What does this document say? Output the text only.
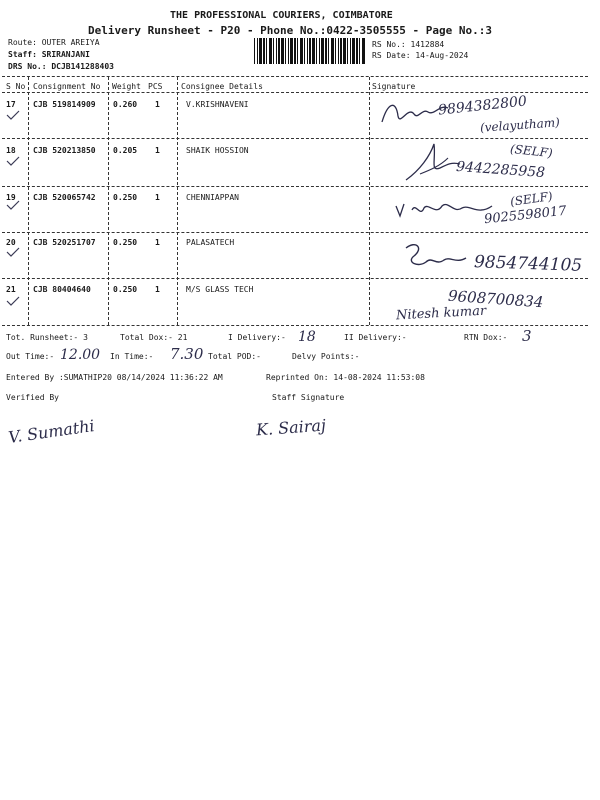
THE PROFESSIONAL COURIERS, COIMBATORE
Delivery Runsheet - P20 - Phone No.:0422-3505555 - Page No.:3
Route: OUTER AREIYA
Staff: SRIRANJANI
DRS No.: DCJB141288403
RS No.: 1412884
RS Date: 14-Aug-2024
S No Consignment No Weight PCS Consignee Details	Signature
17 CJB 519814909 0.260 1	V.KRISHNAVENI	9894382800
(velayutham)
18 CJB 520213850 0.205 1	SHAIK HOSSION	(SELF)
9442285958
19 CJB 520065742 0.250 1	CHENNIAPPAN	(SELF)
9025598017
20 CJB 520251707 0.250 1	PALASATECH
9854744105
21 CJB 80404640	0.250 1	M/S GLASS TECH	9608700834
Nitesh kumar
Tot. Runsheet:- 3	Total Dox:- 21	I Delivery:- 18	II Delivery:-	RTN Dox:- 3
Out Time:- 12.00 In Time:- 7.30 Total POD:-	Delvy Points:-
Entered By :SUMATHIP20 08/14/2024 11:36:22 AM	Reprinted On: 14-08-2024 11:53:08
Verified By	Staff Signature
V. Sumathi	K. Sairaj
